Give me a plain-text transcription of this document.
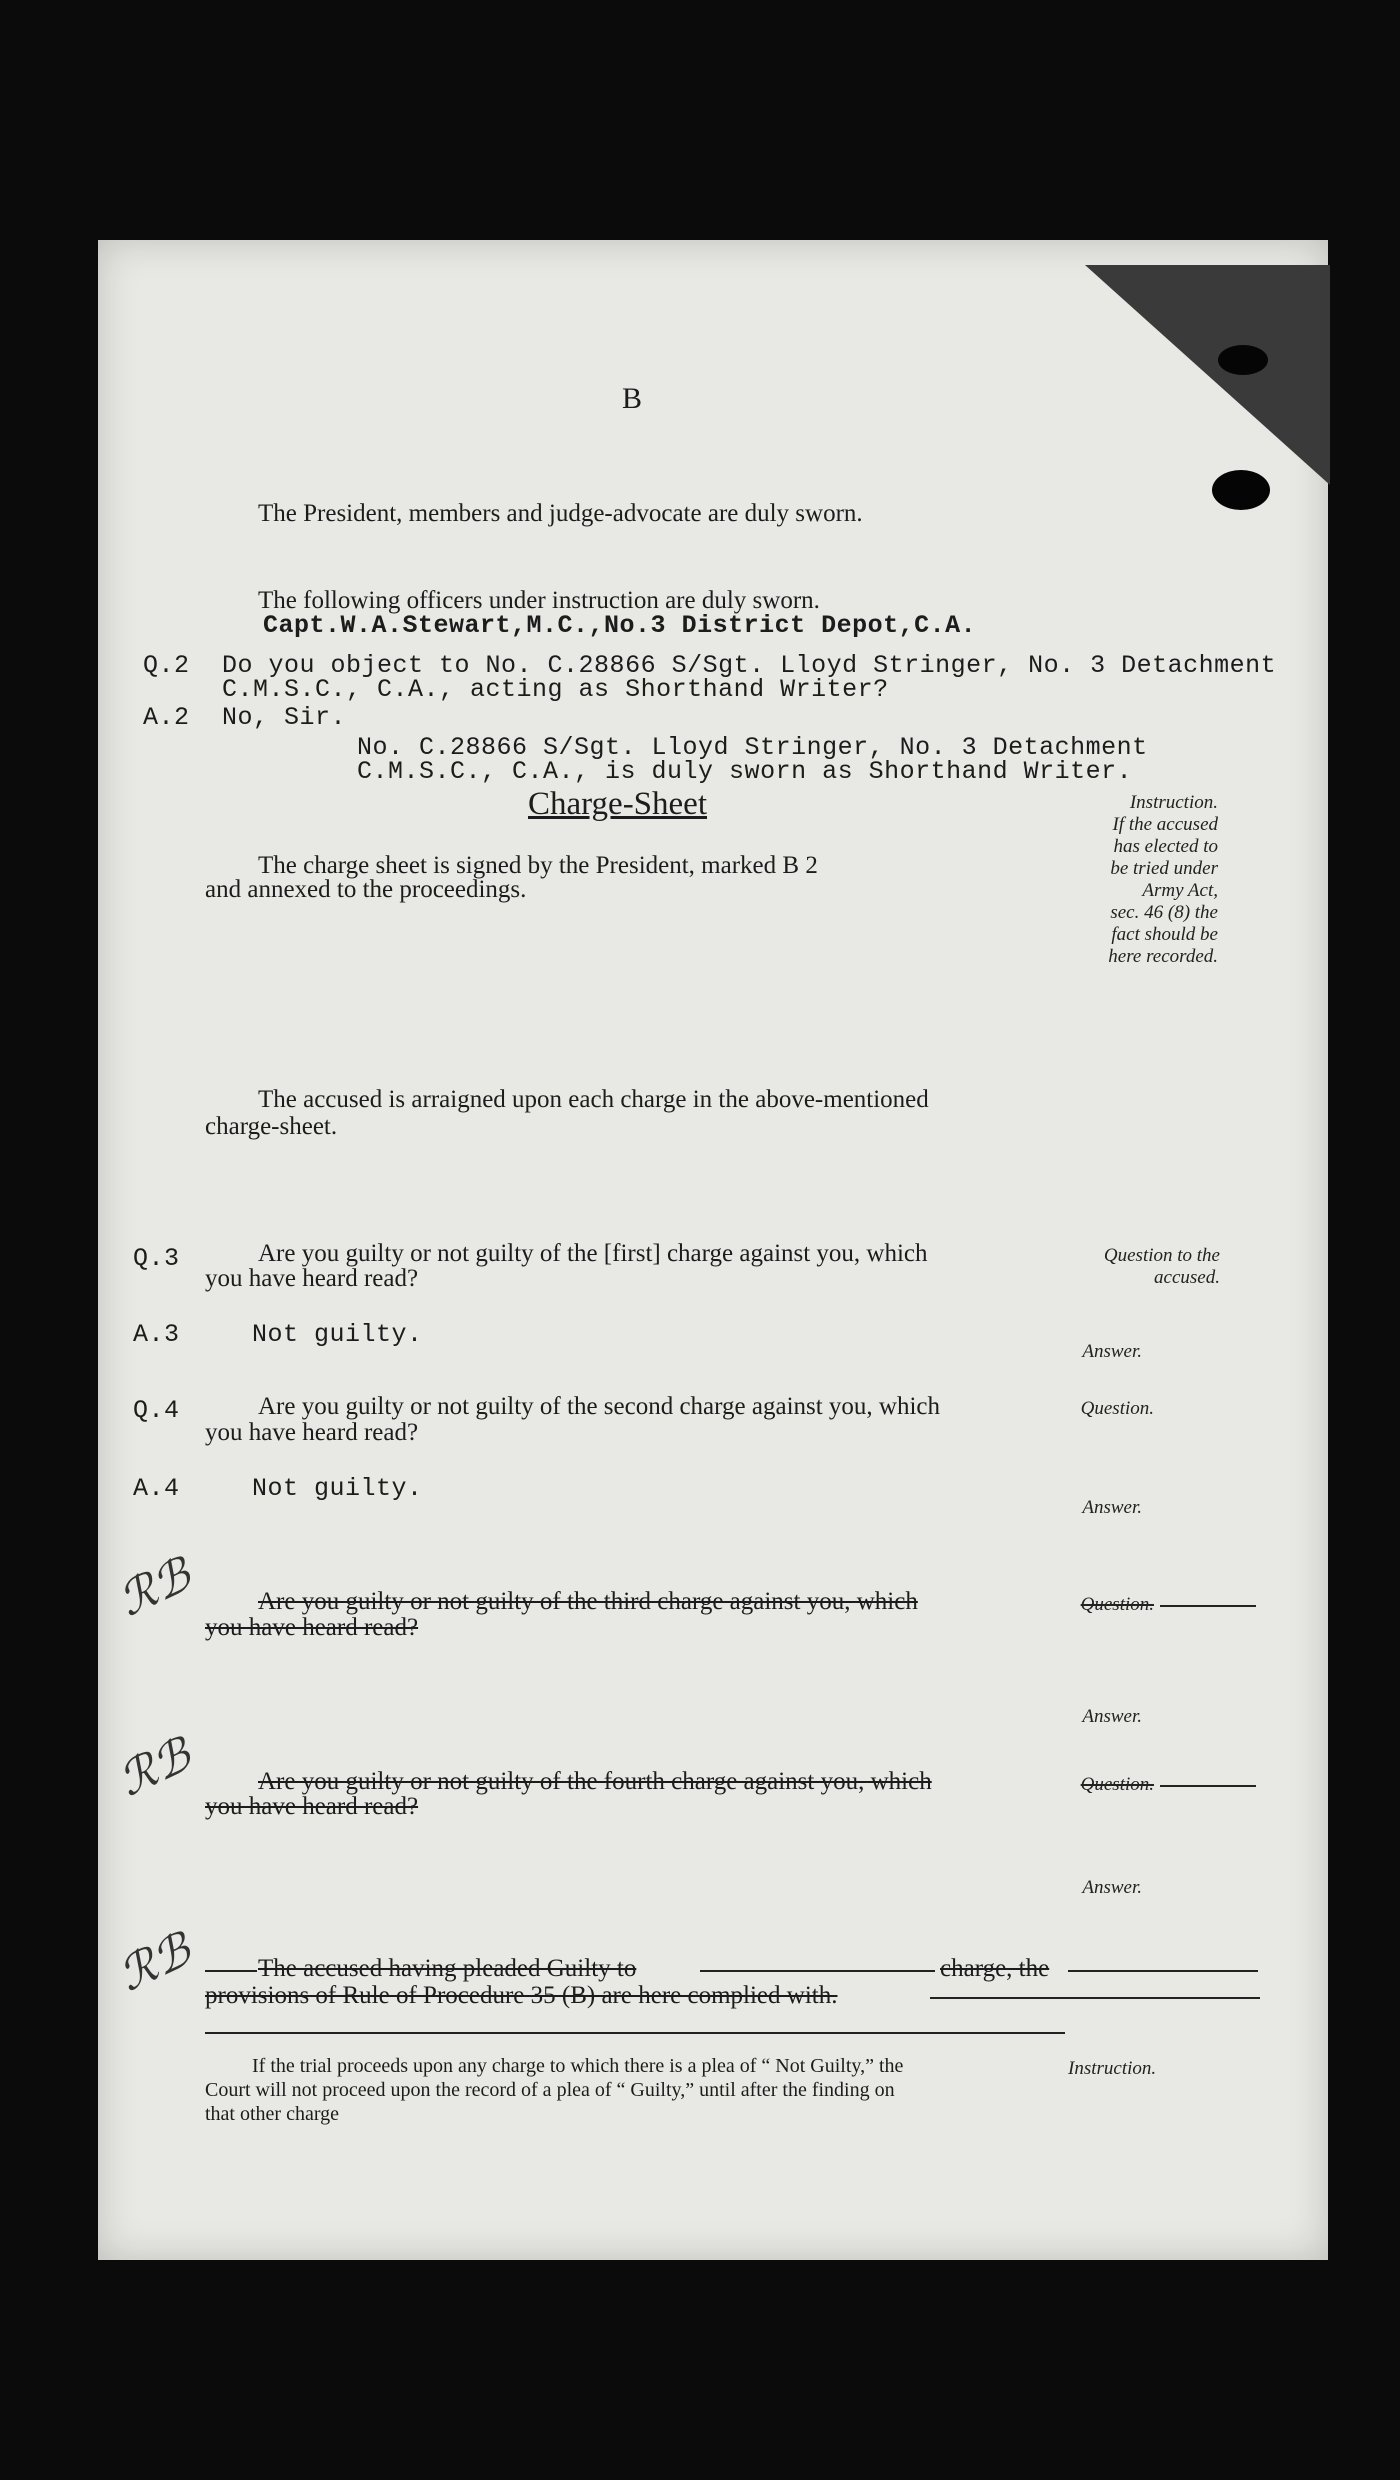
B
The President, members and judge-advocate are duly sworn.
The following officers under instruction are duly sworn.
Capt.W.A.Stewart,M.C.,No.3 District Depot,C.A.
Q.2 Do you object to No. C.28866 S/Sgt. Lloyd Stringer, No. 3 Detachment
C.M.S.C., C.A., acting as Shorthand Writer?
A.2 No, Sir.
No. C.28866 S/Sgt. Lloyd Stringer, No. 3 Detachment
C.M.S.C., C.A., is duly sworn as Shorthand Writer.
Charge-Sheet	Instruction.
If the accused
has elected to
be tried under
Army Act,
sec. 46 (8) the
fact should be
here recorded.
The charge sheet is signed by the President, marked B 2
and annexed to the proceedings.
The accused is arraigned upon each charge in the above-mentioned
charge-sheet.
Q.3	Are you guilty or not guilty of the [first] charge against you, which
you have heard read?
Question to the
accused.
A.3	Not guilty.
Answer.
Q.4	Are you guilty or not guilty of the second charge against you, which
you have heard read?
Question.
A.4	Not guilty.
Answer.
ℛℬ Are you guilty or not guilty of the third charge against you, which
you have heard read?
Question.
Answer.
ℛℬ Are you guilty or not guilty of the fourth charge against you, which
you have heard read?
Question.
Answer.
ℛℬ The accused having pleaded Guilty to	charge, the
provisions of Rule of Procedure 35 (B) are here complied with.
If the trial proceeds upon any charge to which there is a plea of “ Not Guilty,” the	Instruction.
Court will not proceed upon the record of a plea of “ Guilty,” until after the finding on
that other charge
